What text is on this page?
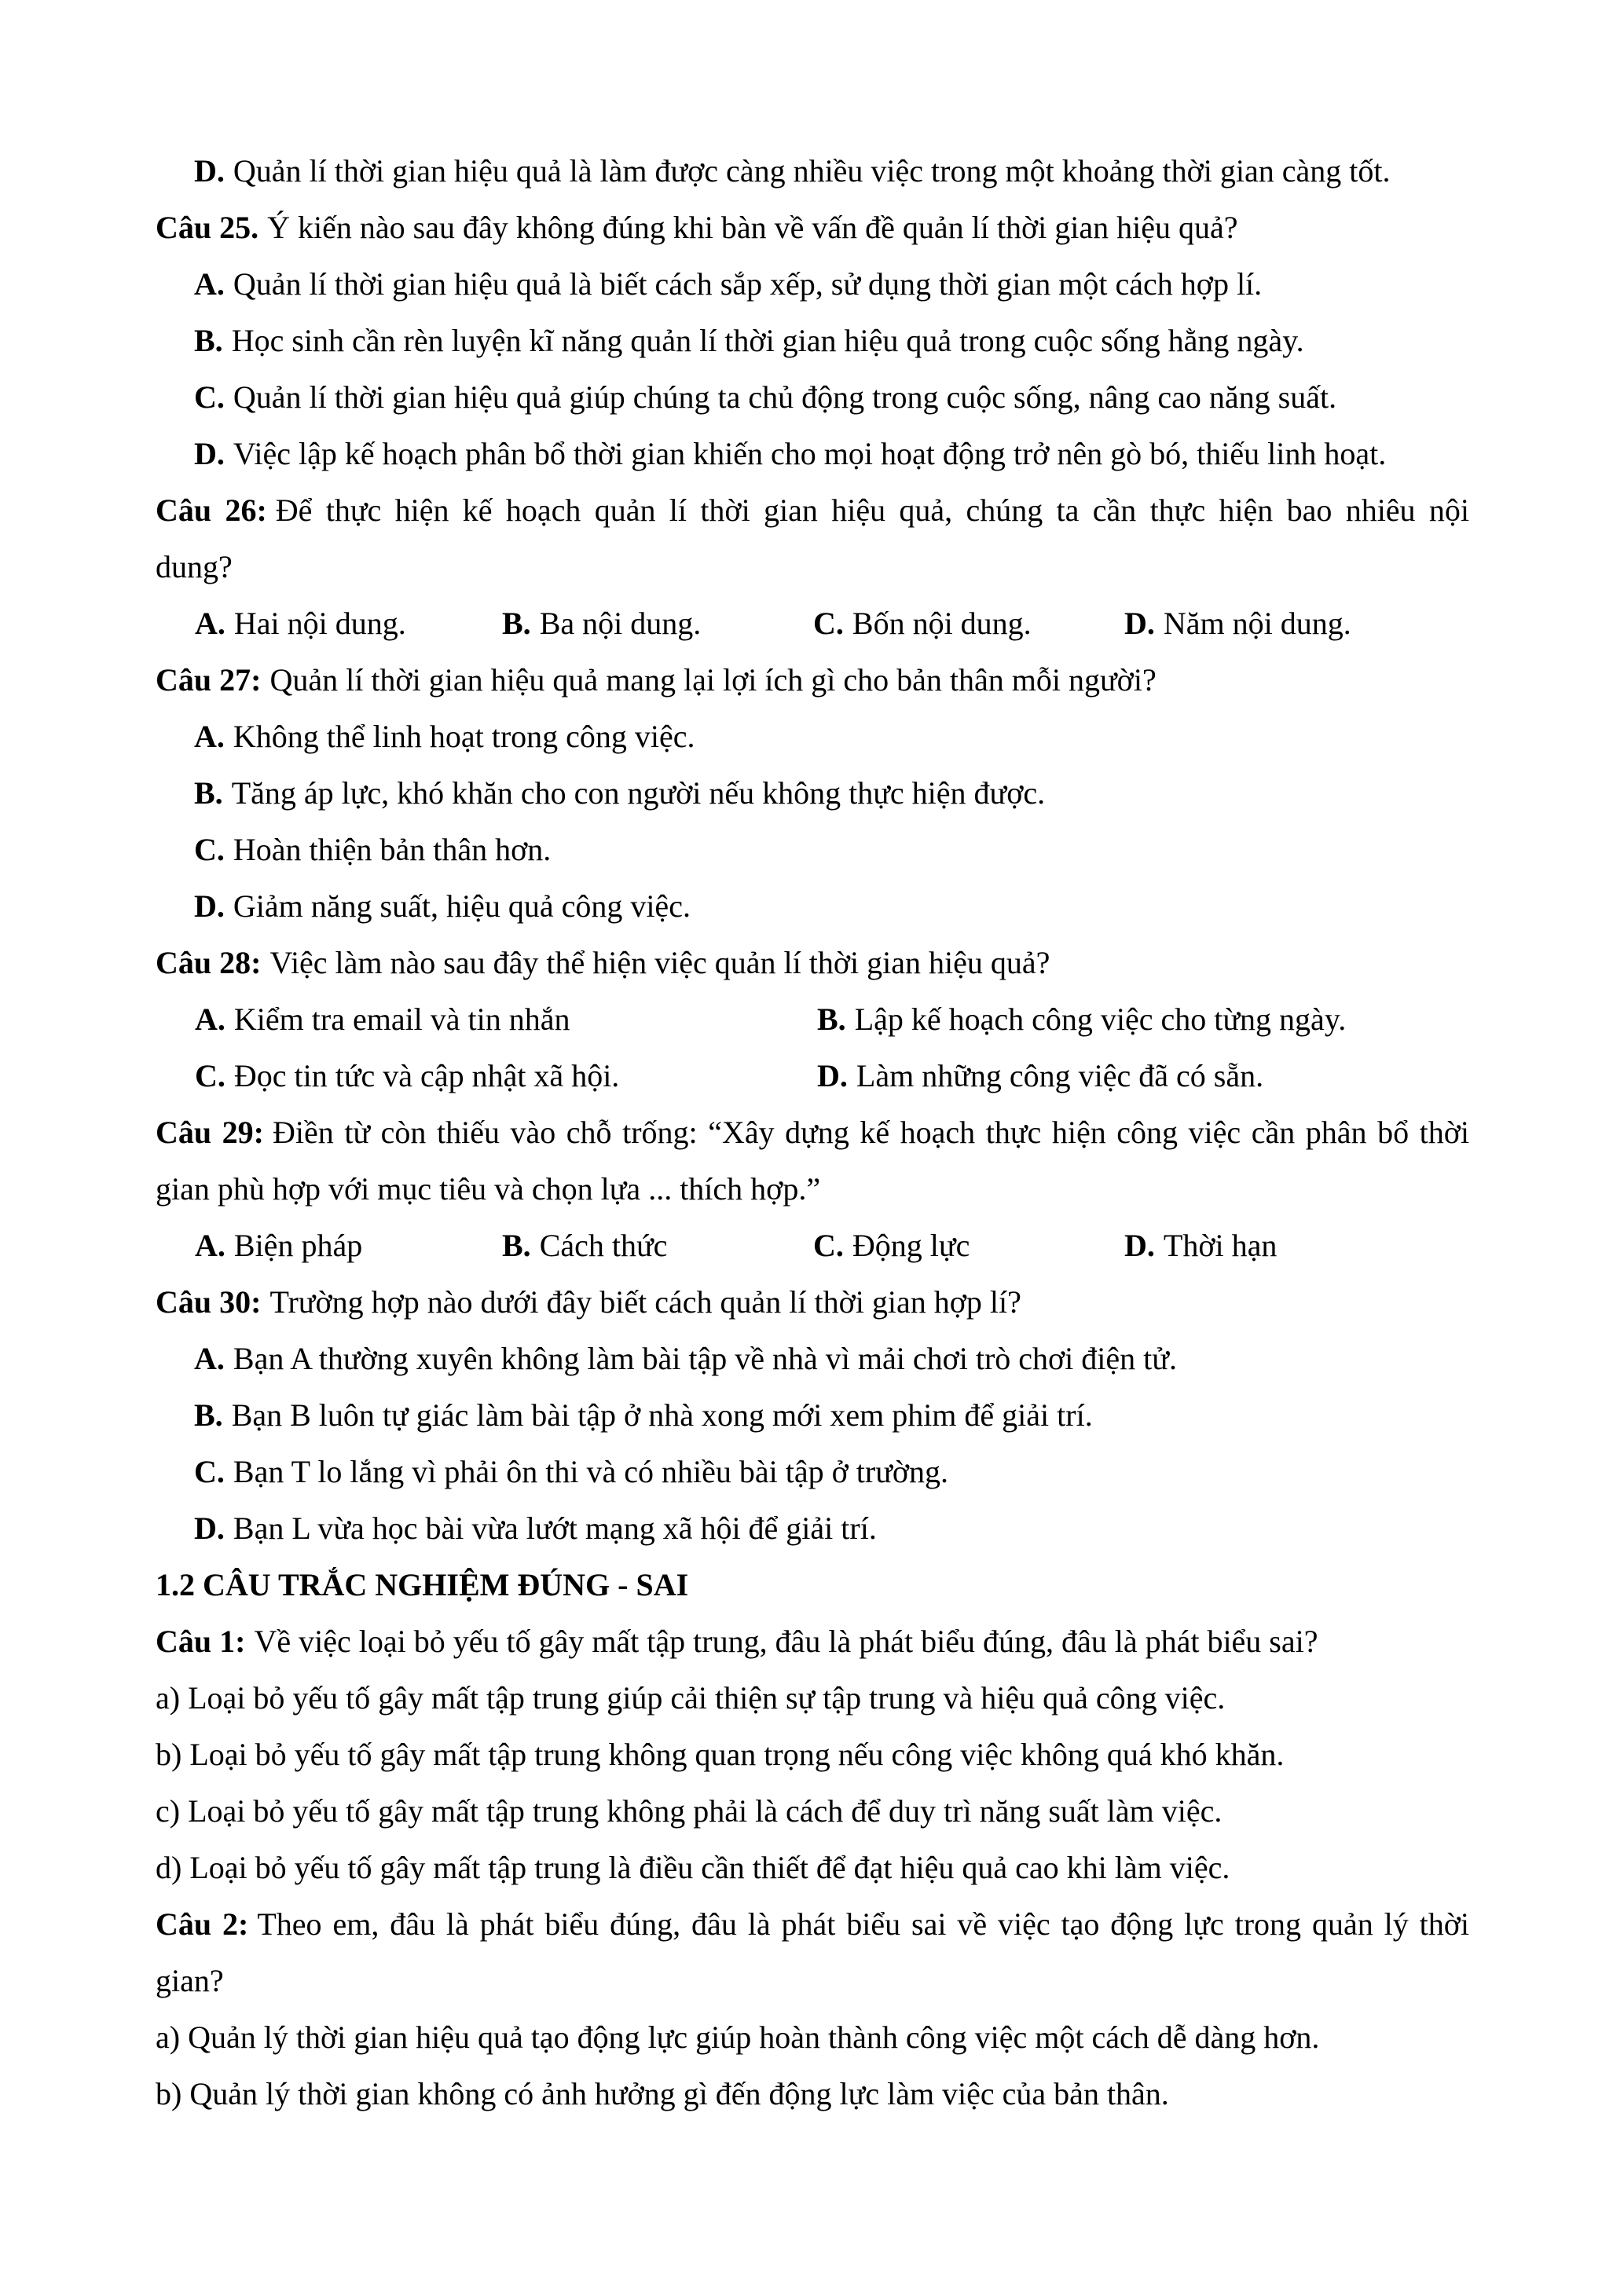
D. Quản lí thời gian hiệu quả là làm được càng nhiều việc trong một khoảng thời gian càng tốt.

Câu 25. Ý kiến nào sau đây không đúng khi bàn về vấn đề quản lí thời gian hiệu quả?

A. Quản lí thời gian hiệu quả là biết cách sắp xếp, sử dụng thời gian một cách hợp lí.

B. Học sinh cần rèn luyện kĩ năng quản lí thời gian hiệu quả trong cuộc sống hằng ngày.

C. Quản lí thời gian hiệu quả giúp chúng ta chủ động trong cuộc sống, nâng cao năng suất.

D. Việc lập kế hoạch phân bổ thời gian khiến cho mọi hoạt động trở nên gò bó, thiếu linh hoạt.

Câu 26: Để thực hiện kế hoạch quản lí thời gian hiệu quả, chúng ta cần thực hiện bao nhiêu nội

dung?

A. Hai nội dung.	B. Ba nội dung.	C. Bốn nội dung.	D. Năm nội dung.

Câu 27: Quản lí thời gian hiệu quả mang lại lợi ích gì cho bản thân mỗi người?

A. Không thể linh hoạt trong công việc.

B. Tăng áp lực, khó khăn cho con người nếu không thực hiện được.

C. Hoàn thiện bản thân hơn.

D. Giảm năng suất, hiệu quả công việc.

Câu 28: Việc làm nào sau đây thể hiện việc quản lí thời gian hiệu quả?

A. Kiểm tra email và tin nhắn	B. Lập kế hoạch công việc cho từng ngày.

C. Đọc tin tức và cập nhật xã hội.	D. Làm những công việc đã có sẵn.

Câu 29: Điền từ còn thiếu vào chỗ trống: “Xây dựng kế hoạch thực hiện công việc cần phân bổ thời

gian phù hợp với mục tiêu và chọn lựa ... thích hợp.”

A. Biện pháp	B. Cách thức	C. Động lực	D. Thời hạn

Câu 30: Trường hợp nào dưới đây biết cách quản lí thời gian hợp lí?

A. Bạn A thường xuyên không làm bài tập về nhà vì mải chơi trò chơi điện tử.

B. Bạn B luôn tự giác làm bài tập ở nhà xong mới xem phim để giải trí.

C. Bạn T lo lắng vì phải ôn thi và có nhiều bài tập ở trường.

D. Bạn L vừa học bài vừa lướt mạng xã hội để giải trí.

1.2 CÂU TRẮC NGHIỆM ĐÚNG - SAI

Câu 1: Về việc loại bỏ yếu tố gây mất tập trung, đâu là phát biểu đúng, đâu là phát biểu sai?

a) Loại bỏ yếu tố gây mất tập trung giúp cải thiện sự tập trung và hiệu quả công việc.

b) Loại bỏ yếu tố gây mất tập trung không quan trọng nếu công việc không quá khó khăn.

c) Loại bỏ yếu tố gây mất tập trung không phải là cách để duy trì năng suất làm việc.

d) Loại bỏ yếu tố gây mất tập trung là điều cần thiết để đạt hiệu quả cao khi làm việc.

Câu 2: Theo em, đâu là phát biểu đúng, đâu là phát biểu sai về việc tạo động lực trong quản lý thời

gian?

a) Quản lý thời gian hiệu quả tạo động lực giúp hoàn thành công việc một cách dễ dàng hơn.

b) Quản lý thời gian không có ảnh hưởng gì đến động lực làm việc của bản thân.
